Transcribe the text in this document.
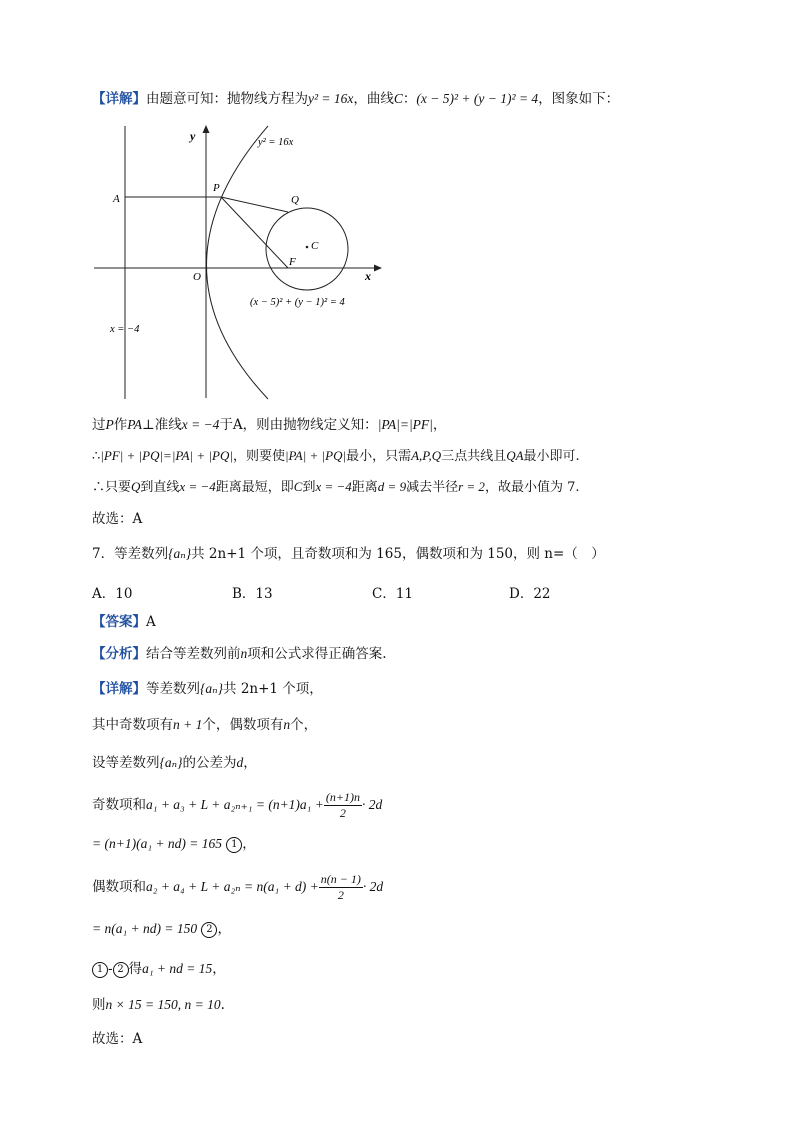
【详解】由题意可知：抛物线方程为y² = 16x，曲线C：(x − 5)² + (y − 1)² = 4，图象如下：
y
x
O
P
Q
A
F
C
y² = 16x
(x − 5)² + (y − 1)² = 4
x = −4
过P作PA⊥准线x = −4于A，则由抛物线定义知：|PA|=|PF|，
∴|PF| + |PQ|=|PA| + |PQ|，则要使|PA| + |PQ|最小，只需A,P,Q三点共线且QA最小即可.
∴只要Q到直线x = −4距离最短，即C到x = −4距离d = 9减去半径r = 2，故最小值为 7.
故选：A
7．等差数列{aₙ}共 2n+1 个项，且奇数项和为 165，偶数项和为 150，则 n=（　）
A．10	B．13	C．11	D．22
【答案】A
【分析】结合等差数列前n项和公式求得正确答案.
【详解】等差数列{aₙ}共 2n+1 个项，
其中奇数项有n + 1个，偶数项有n个，
设等差数列{aₙ}的公差为d，
奇数项和$a_1 + a_3 + L + a_{2n+1} = (n+1)a_1 + \frac{(n+1)n}{2} \cdot 2d$
= (n+1)(a₁ + nd) = 165 1 ，
偶数项和$a_2 + a_4 + L + a_{2n} = n(a_1 + d) + \frac{n(n - 1)}{2} \cdot 2d$
= n(a₁ + nd) = 150 2 ，
1 - 2 得a₁ + nd = 15，
则n × 15 = 150, n = 10.
故选：A
